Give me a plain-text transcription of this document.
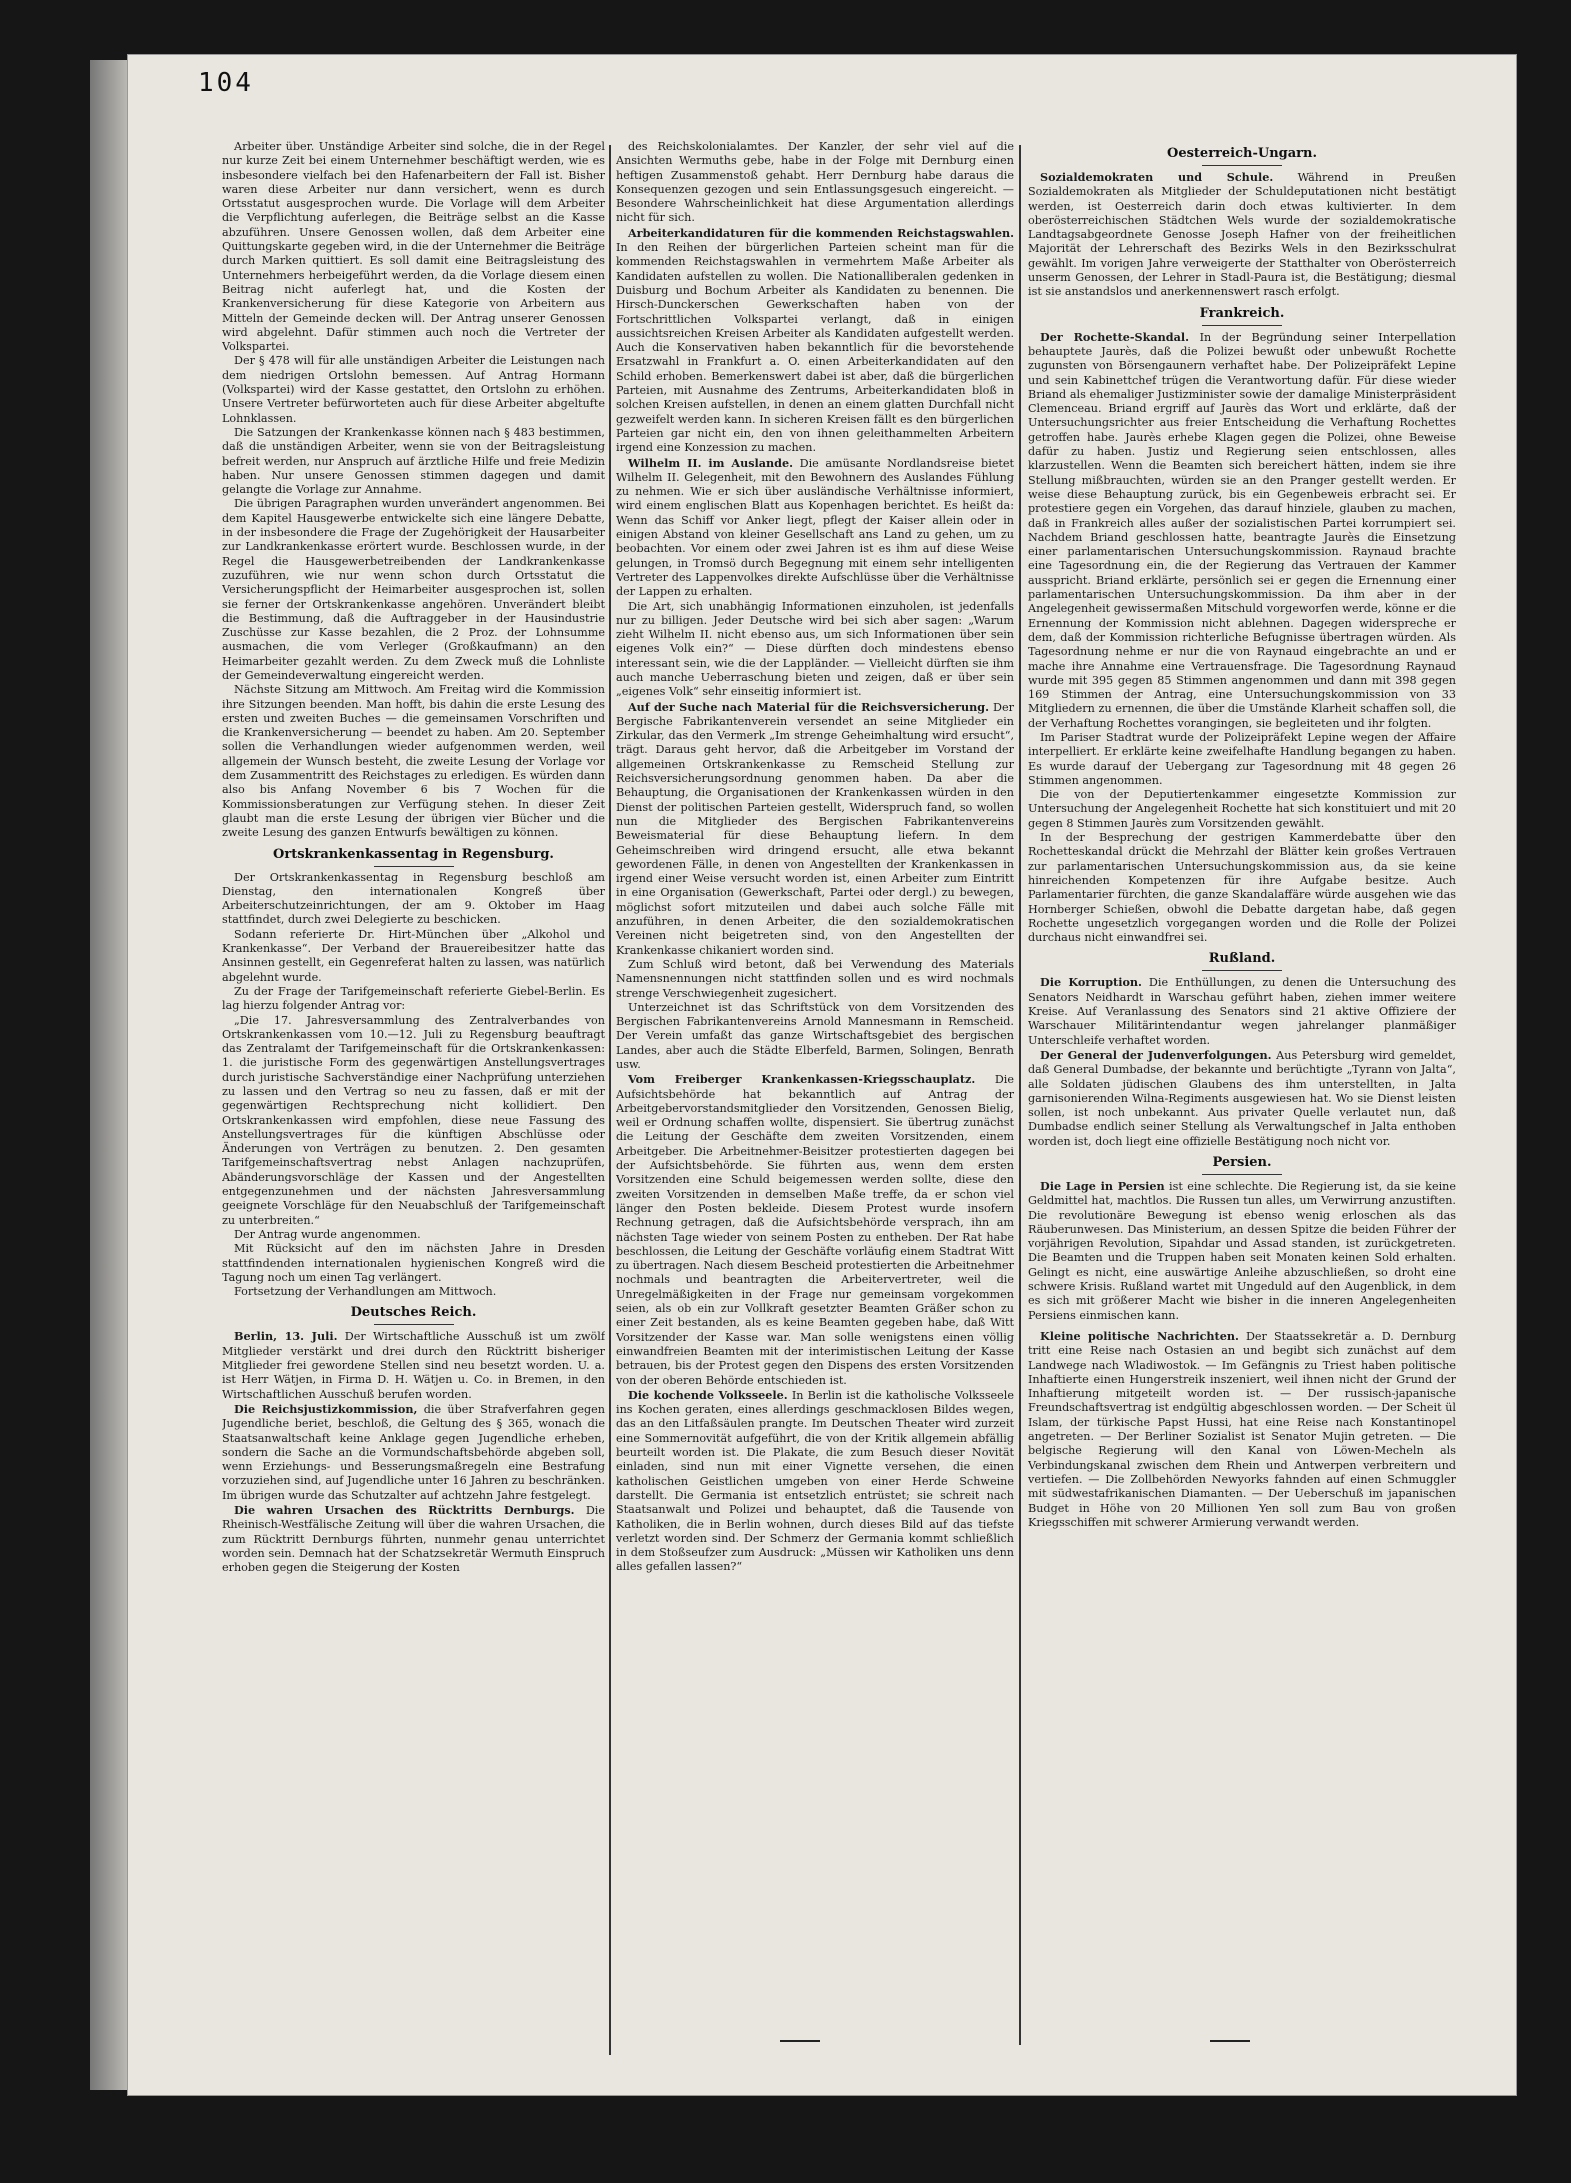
104

Arbeiter über. Unständige Arbeiter sind solche, die in der Regel nur kurze Zeit bei einem Unternehmer beschäftigt werden, wie es insbesondere vielfach bei den Hafenarbeitern der Fall ist. Bisher waren diese Arbeiter nur dann versichert, wenn es durch Ortsstatut ausgesprochen wurde. Die Vorlage will dem Arbeiter die Verpflichtung auferlegen, die Beiträge selbst an die Kasse abzuführen. Unsere Genossen wollen, daß dem Arbeiter eine Quittungskarte gegeben wird, in die der Unternehmer die Beiträge durch Marken quittiert. Es soll damit eine Beitragsleistung des Unternehmers herbeigeführt werden, da die Vorlage diesem einen Beitrag nicht auferlegt hat, und die Kosten der Krankenversicherung für diese Kategorie von Arbeitern aus Mitteln der Gemeinde decken will. Der Antrag unserer Genossen wird abgelehnt. Dafür stimmen auch noch die Vertreter der Volkspartei.

Der § 478 will für alle unständigen Arbeiter die Leistungen nach dem niedrigen Ortslohn bemessen. Auf Antrag Hormann (Volkspartei) wird der Kasse gestattet, den Ortslohn zu erhöhen. Unsere Vertreter befürworteten auch für diese Arbeiter abgeltufte Lohnklassen.

Die Satzungen der Krankenkasse können nach § 483 bestimmen, daß die unständigen Arbeiter, wenn sie von der Beitragsleistung befreit werden, nur Anspruch auf ärztliche Hilfe und freie Medizin haben. Nur unsere Genossen stimmen dagegen und damit gelangte die Vorlage zur Annahme.

Die übrigen Paragraphen wurden unverändert angenommen. Bei dem Kapitel Hausgewerbe entwickelte sich eine längere Debatte, in der insbesondere die Frage der Zugehörigkeit der Hausarbeiter zur Landkrankenkasse erörtert wurde. Beschlossen wurde, in der Regel die Hausgewerbetreibenden der Landkrankenkasse zuzuführen, wie nur wenn schon durch Ortsstatut die Versicherungspflicht der Heimarbeiter ausgesprochen ist, sollen sie ferner der Ortskrankenkasse angehören. Unverändert bleibt die Bestimmung, daß die Auftraggeber in der Hausindustrie Zuschüsse zur Kasse bezahlen, die 2 Proz. der Lohnsumme ausmachen, die vom Verleger (Großkaufmann) an den Heimarbeiter gezahlt werden. Zu dem Zweck muß die Lohnliste der Gemeindeverwaltung eingereicht werden.

Nächste Sitzung am Mittwoch. Am Freitag wird die Kommission ihre Sitzungen beenden. Man hofft, bis dahin die erste Lesung des ersten und zweiten Buches — die gemeinsamen Vorschriften und die Krankenversicherung — beendet zu haben. Am 20. September sollen die Verhandlungen wieder aufgenommen werden, weil allgemein der Wunsch besteht, die zweite Lesung der Vorlage vor dem Zusammentritt des Reichstages zu erledigen. Es würden dann also bis Anfang November 6 bis 7 Wochen für die Kommissionsberatungen zur Verfügung stehen. In dieser Zeit glaubt man die erste Lesung der übrigen vier Bücher und die zweite Lesung des ganzen Entwurfs bewältigen zu können.

Ortskrankenkassentag in Regensburg.

Der Ortskrankenkassentag in Regensburg beschloß am Dienstag, den internationalen Kongreß über Arbeiterschutzeinrichtungen, der am 9. Oktober im Haag stattfindet, durch zwei Delegierte zu beschicken.

Sodann referierte Dr. Hirt-München über „Alkohol und Krankenkasse“. Der Verband der Brauereibesitzer hatte das Ansinnen gestellt, ein Gegenreferat halten zu lassen, was natürlich abgelehnt wurde.

Zu der Frage der Tarifgemeinschaft referierte Giebel-Berlin. Es lag hierzu folgender Antrag vor:

„Die 17. Jahresversammlung des Zentralverbandes von Ortskrankenkassen vom 10.—12. Juli zu Regensburg beauftragt das Zentralamt der Tarifgemeinschaft für die Ortskrankenkassen: 1. die juristische Form des gegenwärtigen Anstellungsvertrages durch juristische Sachverständige einer Nachprüfung unterziehen zu lassen und den Vertrag so neu zu fassen, daß er mit der gegenwärtigen Rechtsprechung nicht kollidiert. Den Ortskrankenkassen wird empfohlen, diese neue Fassung des Anstellungsvertrages für die künftigen Abschlüsse oder Änderungen von Verträgen zu benutzen. 2. Den gesamten Tarifgemeinschaftsvertrag nebst Anlagen nachzuprüfen, Abänderungsvorschläge der Kassen und der Angestellten entgegenzunehmen und der nächsten Jahresversammlung geeignete Vorschläge für den Neuabschluß der Tarifgemeinschaft zu unterbreiten.“

Der Antrag wurde angenommen.

Mit Rücksicht auf den im nächsten Jahre in Dresden stattfindenden internationalen hygienischen Kongreß wird die Tagung noch um einen Tag verlängert.

Fortsetzung der Verhandlungen am Mittwoch.

Deutsches Reich.

Berlin, 13. Juli. Der Wirtschaftliche Ausschuß ist um zwölf Mitglieder verstärkt und drei durch den Rücktritt bisheriger Mitglieder frei gewordene Stellen sind neu besetzt worden. U. a. ist Herr Wätjen, in Firma D. H. Wätjen u. Co. in Bremen, in den Wirtschaftlichen Ausschuß berufen worden.

Die Reichsjustizkommission, die über Strafverfahren gegen Jugendliche beriet, beschloß, die Geltung des § 365, wonach die Staatsanwaltschaft keine Anklage gegen Jugendliche erheben, sondern die Sache an die Vormundschaftsbehörde abgeben soll, wenn Erziehungs- und Besserungsmaßregeln eine Bestrafung vorzuziehen sind, auf Jugendliche unter 16 Jahren zu beschränken. Im übrigen wurde das Schutzalter auf achtzehn Jahre festgelegt.

Die wahren Ursachen des Rücktritts Dernburgs. Die Rheinisch-Westfälische Zeitung will über die wahren Ursachen, die zum Rücktritt Dernburgs führten, nunmehr genau unterrichtet worden sein. Demnach hat der Schatzsekretär Wermuth Einspruch erhoben gegen die Steigerung der Kosten

des Reichskolonialamtes. Der Kanzler, der sehr viel auf die Ansichten Wermuths gebe, habe in der Folge mit Dernburg einen heftigen Zusammenstoß gehabt. Herr Dernburg habe daraus die Konsequenzen gezogen und sein Entlassungsgesuch eingereicht. — Besondere Wahrscheinlichkeit hat diese Argumentation allerdings nicht für sich.

Arbeiterkandidaturen für die kommenden Reichstagswahlen. In den Reihen der bürgerlichen Parteien scheint man für die kommenden Reichstagswahlen in vermehrtem Maße Arbeiter als Kandidaten aufstellen zu wollen. Die Nationalliberalen gedenken in Duisburg und Bochum Arbeiter als Kandidaten zu benennen. Die Hirsch-Dunckerschen Gewerkschaften haben von der Fortschrittlichen Volkspartei verlangt, daß in einigen aussichtsreichen Kreisen Arbeiter als Kandidaten aufgestellt werden. Auch die Konservativen haben bekanntlich für die bevorstehende Ersatzwahl in Frankfurt a. O. einen Arbeiterkandidaten auf den Schild erhoben. Bemerkenswert dabei ist aber, daß die bürgerlichen Parteien, mit Ausnahme des Zentrums, Arbeiterkandidaten bloß in solchen Kreisen aufstellen, in denen an einem glatten Durchfall nicht gezweifelt werden kann. In sicheren Kreisen fällt es den bürgerlichen Parteien gar nicht ein, den von ihnen geleithammelten Arbeitern irgend eine Konzession zu machen.

Wilhelm II. im Auslande. Die amüsante Nordlandsreise bietet Wilhelm II. Gelegenheit, mit den Bewohnern des Auslandes Fühlung zu nehmen. Wie er sich über ausländische Verhältnisse informiert, wird einem englischen Blatt aus Kopenhagen berichtet. Es heißt da: Wenn das Schiff vor Anker liegt, pflegt der Kaiser allein oder in einigen Abstand von kleiner Gesellschaft ans Land zu gehen, um zu beobachten. Vor einem oder zwei Jahren ist es ihm auf diese Weise gelungen, in Tromsö durch Begegnung mit einem sehr intelligenten Vertreter des Lappenvolkes direkte Aufschlüsse über die Verhältnisse der Lappen zu erhalten.

Die Art, sich unabhängig Informationen einzuholen, ist jedenfalls nur zu billigen. Jeder Deutsche wird bei sich aber sagen: „Warum zieht Wilhelm II. nicht ebenso aus, um sich Informationen über sein eigenes Volk ein?“ — Diese dürften doch mindestens ebenso interessant sein, wie die der Lappländer. — Vielleicht dürften sie ihm auch manche Ueberraschung bieten und zeigen, daß er über sein „eigenes Volk“ sehr einseitig informiert ist.

Auf der Suche nach Material für die Reichsversicherung. Der Bergische Fabrikantenverein versendet an seine Mitglieder ein Zirkular, das den Vermerk „Im strenge Geheimhaltung wird ersucht“, trägt. Daraus geht hervor, daß die Arbeitgeber im Vorstand der allgemeinen Ortskrankenkasse zu Remscheid Stellung zur Reichsversicherungsordnung genommen haben. Da aber die Behauptung, die Organisationen der Krankenkassen würden in den Dienst der politischen Parteien gestellt, Widerspruch fand, so wollen nun die Mitglieder des Bergischen Fabrikantenvereins Beweismaterial für diese Behauptung liefern. In dem Geheimschreiben wird dringend ersucht, alle etwa bekannt gewordenen Fälle, in denen von Angestellten der Krankenkassen in irgend einer Weise versucht worden ist, einen Arbeiter zum Eintritt in eine Organisation (Gewerkschaft, Partei oder dergl.) zu bewegen, möglichst sofort mitzuteilen und dabei auch solche Fälle mit anzuführen, in denen Arbeiter, die den sozialdemokratischen Vereinen nicht beigetreten sind, von den Angestellten der Krankenkasse chikaniert worden sind.

Zum Schluß wird betont, daß bei Verwendung des Materials Namensnennungen nicht stattfinden sollen und es wird nochmals strenge Verschwiegenheit zugesichert.

Unterzeichnet ist das Schriftstück von dem Vorsitzenden des Bergischen Fabrikantenvereins Arnold Mannesmann in Remscheid. Der Verein umfaßt das ganze Wirtschaftsgebiet des bergischen Landes, aber auch die Städte Elberfeld, Barmen, Solingen, Benrath usw.

Vom Freiberger Krankenkassen-Kriegsschauplatz. Die Aufsichtsbehörde hat bekanntlich auf Antrag der Arbeitgebervorstandsmitglieder den Vorsitzenden, Genossen Bielig, weil er Ordnung schaffen wollte, dispensiert. Sie übertrug zunächst die Leitung der Geschäfte dem zweiten Vorsitzenden, einem Arbeitgeber. Die Arbeitnehmer-Beisitzer protestierten dagegen bei der Aufsichtsbehörde. Sie führten aus, wenn dem ersten Vorsitzenden eine Schuld beigemessen werden sollte, diese den zweiten Vorsitzenden in demselben Maße treffe, da er schon viel länger den Posten bekleide. Diesem Protest wurde insofern Rechnung getragen, daß die Aufsichtsbehörde versprach, ihn am nächsten Tage wieder von seinem Posten zu entheben. Der Rat habe beschlossen, die Leitung der Geschäfte vorläufig einem Stadtrat Witt zu übertragen. Nach diesem Bescheid protestierten die Arbeitnehmer nochmals und beantragten die Arbeitervertreter, weil die Unregelmäßigkeiten in der Frage nur gemeinsam vorgekommen seien, als ob ein zur Vollkraft gesetzter Beamten Gräßer schon zu einer Zeit bestanden, als es keine Beamten gegeben habe, daß Witt Vorsitzender der Kasse war. Man solle wenigstens einen völlig einwandfreien Beamten mit der interimistischen Leitung der Kasse betrauen, bis der Protest gegen den Dispens des ersten Vorsitzenden von der oberen Behörde entschieden ist.

Die kochende Volksseele. In Berlin ist die katholische Volksseele ins Kochen geraten, eines allerdings geschmacklosen Bildes wegen, das an den Litfaßsäulen prangte. Im Deutschen Theater wird zurzeit eine Sommernovität aufgeführt, die von der Kritik allgemein abfällig beurteilt worden ist. Die Plakate, die zum Besuch dieser Novität einladen, sind nun mit einer Vignette versehen, die einen katholischen Geistlichen umgeben von einer Herde Schweine darstellt. Die Germania ist entsetzlich entrüstet; sie schreit nach Staatsanwalt und Polizei und behauptet, daß die Tausende von Katholiken, die in Berlin wohnen, durch dieses Bild auf das tiefste verletzt worden sind. Der Schmerz der Germania kommt schließlich in dem Stoßseufzer zum Ausdruck: „Müssen wir Katholiken uns denn alles gefallen lassen?“

Oesterreich-Ungarn.

Sozialdemokraten und Schule. Während in Preußen Sozialdemokraten als Mitglieder der Schuldeputationen nicht bestätigt werden, ist Oesterreich darin doch etwas kultivierter. In dem oberösterreichischen Städtchen Wels wurde der sozialdemokratische Landtagsabgeordnete Genosse Joseph Hafner von der freiheitlichen Majorität der Lehrerschaft des Bezirks Wels in den Bezirksschulrat gewählt. Im vorigen Jahre verweigerte der Statthalter von Oberösterreich unserm Genossen, der Lehrer in Stadl-Paura ist, die Bestätigung; diesmal ist sie anstandslos und anerkennenswert rasch erfolgt.

Frankreich.

Der Rochette-Skandal. In der Begründung seiner Interpellation behauptete Jaurès, daß die Polizei bewußt oder unbewußt Rochette zugunsten von Börsengaunern verhaftet habe. Der Polizeipräfekt Lepine und sein Kabinettchef trügen die Verantwortung dafür. Für diese wieder Briand als ehemaliger Justizminister sowie der damalige Ministerpräsident Clemenceau. Briand ergriff auf Jaurès das Wort und erklärte, daß der Untersuchungsrichter aus freier Entscheidung die Verhaftung Rochettes getroffen habe. Jaurès erhebe Klagen gegen die Polizei, ohne Beweise dafür zu haben. Justiz und Regierung seien entschlossen, alles klarzustellen. Wenn die Beamten sich bereichert hätten, indem sie ihre Stellung mißbrauchten, würden sie an den Pranger gestellt werden. Er weise diese Behauptung zurück, bis ein Gegenbeweis erbracht sei. Er protestiere gegen ein Vorgehen, das darauf hinziele, glauben zu machen, daß in Frankreich alles außer der sozialistischen Partei korrumpiert sei. Nachdem Briand geschlossen hatte, beantragte Jaurès die Einsetzung einer parlamentarischen Untersuchungskommission. Raynaud brachte eine Tagesordnung ein, die der Regierung das Vertrauen der Kammer ausspricht. Briand erklärte, persönlich sei er gegen die Ernennung einer parlamentarischen Untersuchungskommission. Da ihm aber in der Angelegenheit gewissermaßen Mitschuld vorgeworfen werde, könne er die Ernennung der Kommission nicht ablehnen. Dagegen widerspreche er dem, daß der Kommission richterliche Befugnisse übertragen würden. Als Tagesordnung nehme er nur die von Raynaud eingebrachte an und er mache ihre Annahme eine Vertrauensfrage. Die Tagesordnung Raynaud wurde mit 395 gegen 85 Stimmen angenommen und dann mit 398 gegen 169 Stimmen der Antrag, eine Untersuchungskommission von 33 Mitgliedern zu ernennen, die über die Umstände Klarheit schaffen soll, die der Verhaftung Rochettes vorangingen, sie begleiteten und ihr folgten.

Im Pariser Stadtrat wurde der Polizeipräfekt Lepine wegen der Affaire interpelliert. Er erklärte keine zweifelhafte Handlung begangen zu haben. Es wurde darauf der Uebergang zur Tagesordnung mit 48 gegen 26 Stimmen angenommen.

Die von der Deputiertenkammer eingesetzte Kommission zur Untersuchung der Angelegenheit Rochette hat sich konstituiert und mit 20 gegen 8 Stimmen Jaurès zum Vorsitzenden gewählt.

In der Besprechung der gestrigen Kammerdebatte über den Rochetteskandal drückt die Mehrzahl der Blätter kein großes Vertrauen zur parlamentarischen Untersuchungskommission aus, da sie keine hinreichenden Kompetenzen für ihre Aufgabe besitze. Auch Parlamentarier fürchten, die ganze Skandalaffäre würde ausgehen wie das Hornberger Schießen, obwohl die Debatte dargetan habe, daß gegen Rochette ungesetzlich vorgegangen worden und die Rolle der Polizei durchaus nicht einwandfrei sei.

Rußland.

Die Korruption. Die Enthüllungen, zu denen die Untersuchung des Senators Neidhardt in Warschau geführt haben, ziehen immer weitere Kreise. Auf Veranlassung des Senators sind 21 aktive Offiziere der Warschauer Militärintendantur wegen jahrelanger planmäßiger Unterschleife verhaftet worden.

Der General der Judenverfolgungen. Aus Petersburg wird gemeldet, daß General Dumbadse, der bekannte und berüchtigte „Tyrann von Jalta“, alle Soldaten jüdischen Glaubens des ihm unterstellten, in Jalta garnisonierenden Wilna-Regiments ausgewiesen hat. Wo sie Dienst leisten sollen, ist noch unbekannt. Aus privater Quelle verlautet nun, daß Dumbadse endlich seiner Stellung als Verwaltungschef in Jalta enthoben worden ist, doch liegt eine offizielle Bestätigung noch nicht vor.

Persien.

Die Lage in Persien ist eine schlechte. Die Regierung ist, da sie keine Geldmittel hat, machtlos. Die Russen tun alles, um Verwirrung anzustiften. Die revolutionäre Bewegung ist ebenso wenig erloschen als das Räuberunwesen. Das Ministerium, an dessen Spitze die beiden Führer der vorjährigen Revolution, Sipahdar und Assad standen, ist zurückgetreten. Die Beamten und die Truppen haben seit Monaten keinen Sold erhalten. Gelingt es nicht, eine auswärtige Anleihe abzuschließen, so droht eine schwere Krisis. Rußland wartet mit Ungeduld auf den Augenblick, in dem es sich mit größerer Macht wie bisher in die inneren Angelegenheiten Persiens einmischen kann.

Kleine politische Nachrichten. Der Staatssekretär a. D. Dernburg tritt eine Reise nach Ostasien an und begibt sich zunächst auf dem Landwege nach Wladiwostok. — Im Gefängnis zu Triest haben politische Inhaftierte einen Hungerstreik inszeniert, weil ihnen nicht der Grund der Inhaftierung mitgeteilt worden ist. — Der russisch-japanische Freundschaftsvertrag ist endgültig abgeschlossen worden. — Der Scheit ül Islam, der türkische Papst Hussi, hat eine Reise nach Konstantinopel angetreten. — Der Berliner Sozialist ist Senator Mujin getreten. — Die belgische Regierung will den Kanal von Löwen-Mecheln als Verbindungskanal zwischen dem Rhein und Antwerpen verbreitern und vertiefen. — Die Zollbehörden Newyorks fahnden auf einen Schmuggler mit südwestafrikanischen Diamanten. — Der Ueberschuß im japanischen Budget in Höhe von 20 Millionen Yen soll zum Bau von großen Kriegsschiffen mit schwerer Armierung verwandt werden.
